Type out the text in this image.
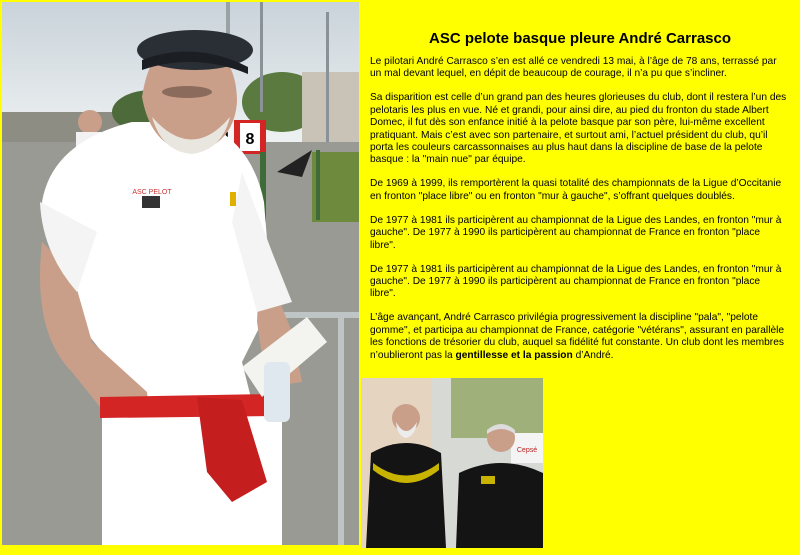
8
ASC PELOT
ASC pelote basque pleure André Carrasco

Le pilotari André Carrasco s’en est allé ce vendredi 13 mai, à l’âge de 78 ans, terrassé par un mal devant lequel, en dépit de beaucoup de courage, il n’a pu que s’incliner.

Sa disparition est celle d’un grand pan des heures glorieuses du club, dont il restera l’un des pelotaris les plus en vue. Né et grandi, pour ainsi dire, au pied du fronton du stade Albert Domec, il fut dès son enfance initié à la pelote basque par son père, lui-même excellent pratiquant. Mais c’est avec son partenaire, et surtout ami, l’actuel président du club, qu’il porta les couleurs carcassonnaises au plus haut dans la discipline de base de la pelote basque : la "main nue" par équipe.

De 1969 à 1999, ils remportèrent la quasi totalité des championnats de la Ligue d’Occitanie en fronton "place libre" ou en fronton "mur à gauche", s’offrant quelques doublés.

De 1977 à 1981 ils participèrent au championnat de la Ligue des Landes, en fronton "mur à gauche". De 1977 à 1990 ils participèrent au championnat de France en fronton "place libre".

De 1977 à 1981 ils participèrent au championnat de la Ligue des Landes, en fronton "mur à gauche". De 1977 à 1990 ils participèrent au championnat de France en fronton "place libre".

L’âge avançant, André Carrasco privilégia progressivement la discipline "pala", "pelote gomme", et participa au championnat de France, catégorie "vétérans", assurant en parallèle les fonctions de trésorier du club, auquel sa fidélité fut constante. Un club dont les membres n’oublieront pas la gentillesse et la passion d’André.

Cepsé
